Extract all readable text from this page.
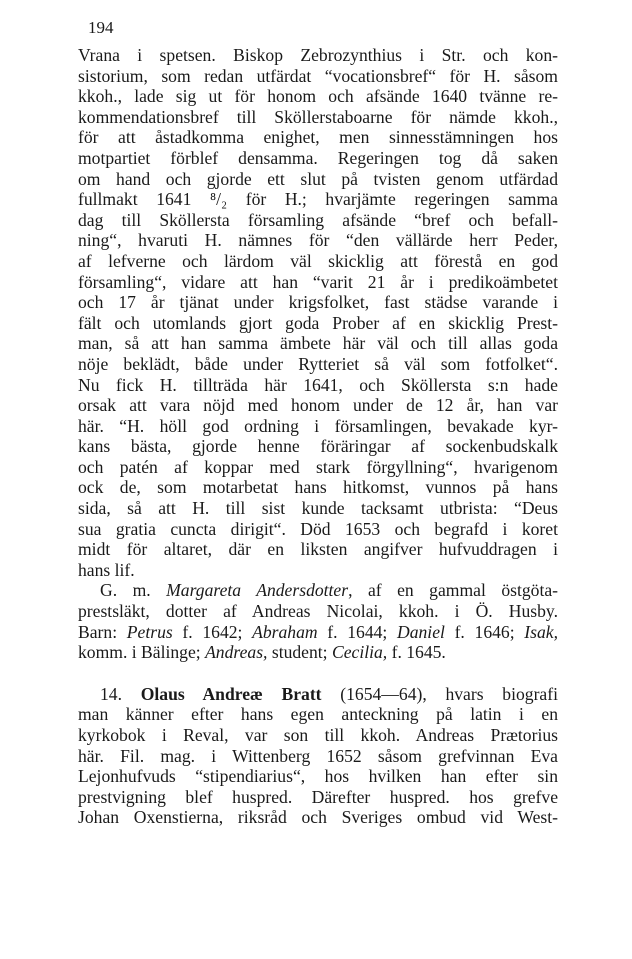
194
Vrana i spetsen. Biskop Zebrozynthius i Str. och kon-
sistorium, som redan utfärdat “vocationsbref“ för H. såsom
kkoh., lade sig ut för honom och afsände 1640 tvänne re-
kommendationsbref till Sköllerstaboarne för nämde kkoh.,
för att åstadkomma enighet, men sinnesstämningen hos
motpartiet förblef densamma. Regeringen tog då saken
om hand och gjorde ett slut på tvisten genom utfärdad
fullmakt 1641 ⁸/₂ för H.; hvarjämte regeringen samma
dag till Sköllersta församling afsände “bref och befall-
ning“, hvaruti H. nämnes för “den vällärde herr Peder,
af lefverne och lärdom väl skicklig att förestå en god
församling“, vidare att han “varit 21 år i predikoämbetet
och 17 år tjänat under krigsfolket, fast städse varande i
fält och utomlands gjort goda Prober af en skicklig Prest-
man, så att han samma ämbete här väl och till allas goda
nöje beklädt, både under Rytteriet så väl som fotfolket“.
Nu fick H. tillträda här 1641, och Sköllersta s:n hade
orsak att vara nöjd med honom under de 12 år, han var
här. “H. höll god ordning i församlingen, bevakade kyr-
kans bästa, gjorde henne föräringar af sockenbudskalk
och patén af koppar med stark förgyllning“, hvarigenom
ock de, som motarbetat hans hitkomst, vunnos på hans
sida, så att H. till sist kunde tacksamt utbrista: “Deus
sua gratia cuncta dirigit“. Död 1653 och begrafd i koret
midt för altaret, där en liksten angifver hufvuddragen i
hans lif.
G. m. Margareta Andersdotter, af en gammal östgöta-
prestsläkt, dotter af Andreas Nicolai, kkoh. i Ö. Husby.
Barn: Petrus f. 1642; Abraham f. 1644; Daniel f. 1646; Isak,
komm. i Bälinge; Andreas, student; Cecilia, f. 1645.
14. Olaus Andreæ Bratt (1654—64), hvars biografi
man känner efter hans egen anteckning på latin i en
kyrkobok i Reval, var son till kkoh. Andreas Prætorius
här. Fil. mag. i Wittenberg 1652 såsom grefvinnan Eva
Lejonhufvuds “stipendiarius“, hos hvilken han efter sin
prestvigning blef huspred. Därefter huspred. hos grefve
Johan Oxenstierna, riksråd och Sveriges ombud vid West-
